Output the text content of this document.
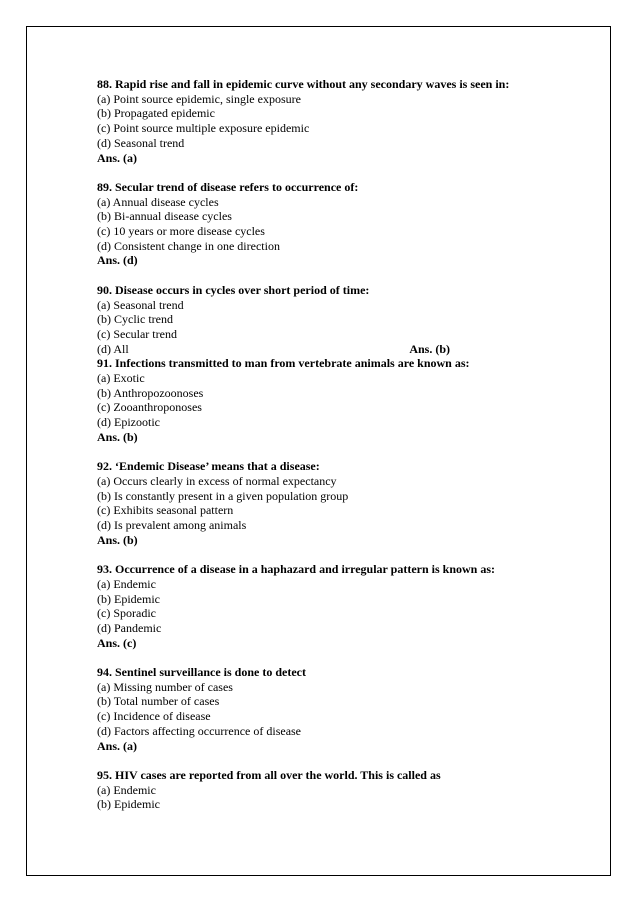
88. Rapid rise and fall in epidemic curve without any secondary waves is seen in:
(a) Point source epidemic, single exposure
(b) Propagated epidemic
(c) Point source multiple exposure epidemic
(d) Seasonal trend
Ans. (a)
89. Secular trend of disease refers to occurrence of:
(a) Annual disease cycles
(b) Bi-annual disease cycles
(c) 10 years or more disease cycles
(d) Consistent change in one direction
Ans. (d)
90. Disease occurs in cycles over short period of time:
(a) Seasonal trend
(b) Cyclic trend
(c) Secular trend
(d) All	Ans. (b)
91. Infections transmitted to man from vertebrate animals are known as:
(a) Exotic
(b) Anthropozoonoses
(c) Zooanthroponoses
(d) Epizootic
Ans. (b)
92. ‘Endemic Disease’ means that a disease:
(a) Occurs clearly in excess of normal expectancy
(b) Is constantly present in a given population group
(c) Exhibits seasonal pattern
(d) Is prevalent among animals
Ans. (b)
93. Occurrence of a disease in a haphazard and irregular pattern is known as:
(a) Endemic
(b) Epidemic
(c) Sporadic
(d) Pandemic
Ans. (c)
94. Sentinel surveillance is done to detect
(a) Missing number of cases
(b) Total number of cases
(c) Incidence of disease
(d) Factors affecting occurrence of disease
Ans. (a)
95. HIV cases are reported from all over the world. This is called as
(a) Endemic
(b) Epidemic
